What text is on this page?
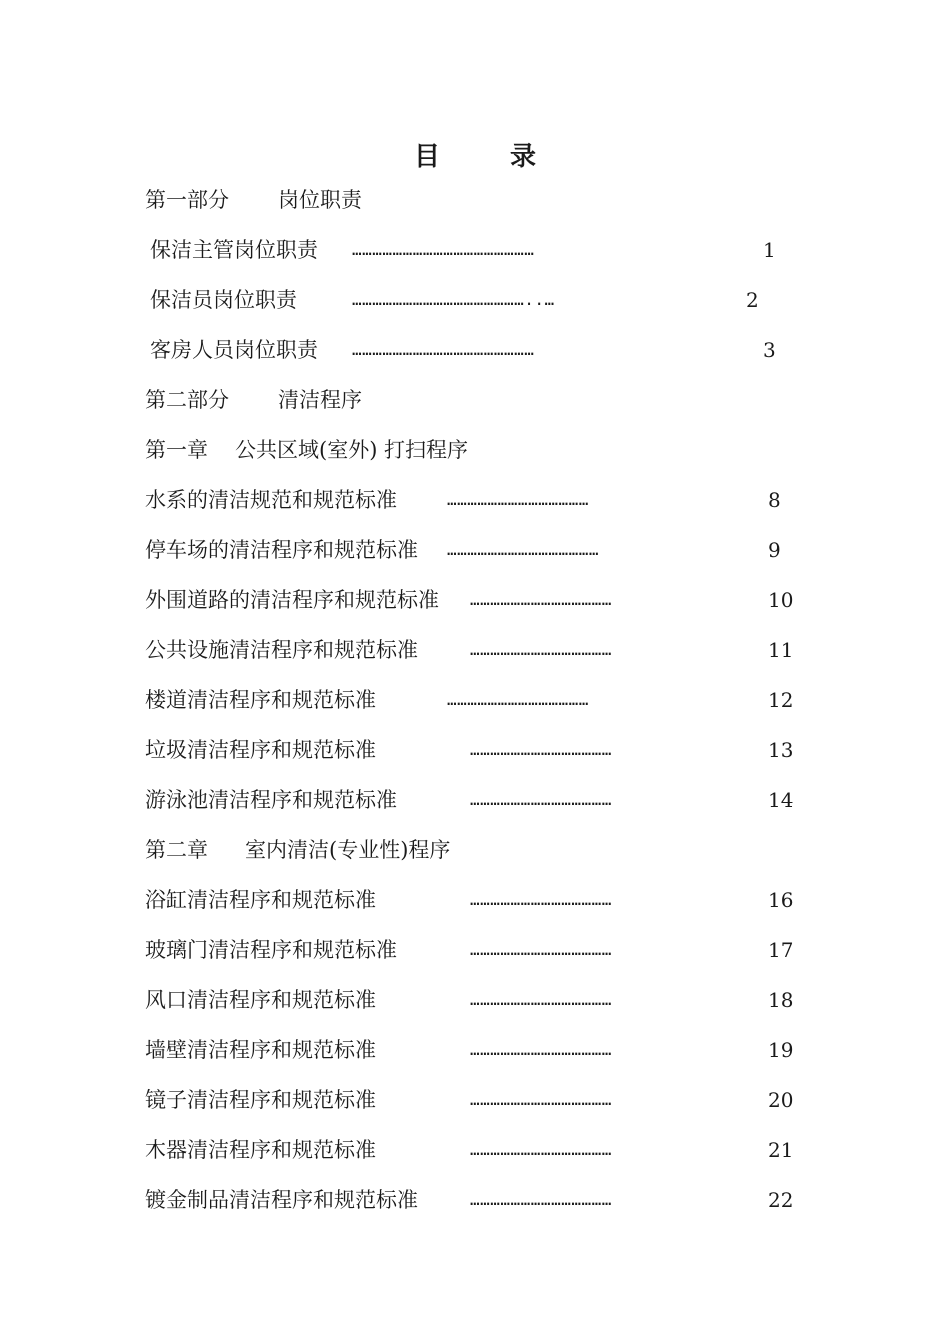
目	录
第一部分 岗位职责
保洁主管岗位职责 ………………………………………………	1
保洁员岗位职责	……………………………………………..…	2
客房人员岗位职责 ………………………………………………	3
第二部分 清洁程序
第一章 公共区域(室外) 打扫程序
水系的清洁规范和规范标准	……………………………………	8
停车场的清洁程序和规范标准 ………………………………………	9
外围道路的清洁程序和规范标准 ……………………………………	10
公共设施清洁程序和规范标准	……………………………………	11
楼道清洁程序和规范标准	……………………………………	12
垃圾清洁程序和规范标准	……………………………………	13
游泳池清洁程序和规范标准	……………………………………	14
第二章 室内清洁(专业性)程序
浴缸清洁程序和规范标准	……………………………………	16
玻璃门清洁程序和规范标准	……………………………………	17
风口清洁程序和规范标准	……………………………………	18
墙壁清洁程序和规范标准	……………………………………	19
镜子清洁程序和规范标准	……………………………………	20
木器清洁程序和规范标准	……………………………………	21
镀金制品清洁程序和规范标准	……………………………………	22
